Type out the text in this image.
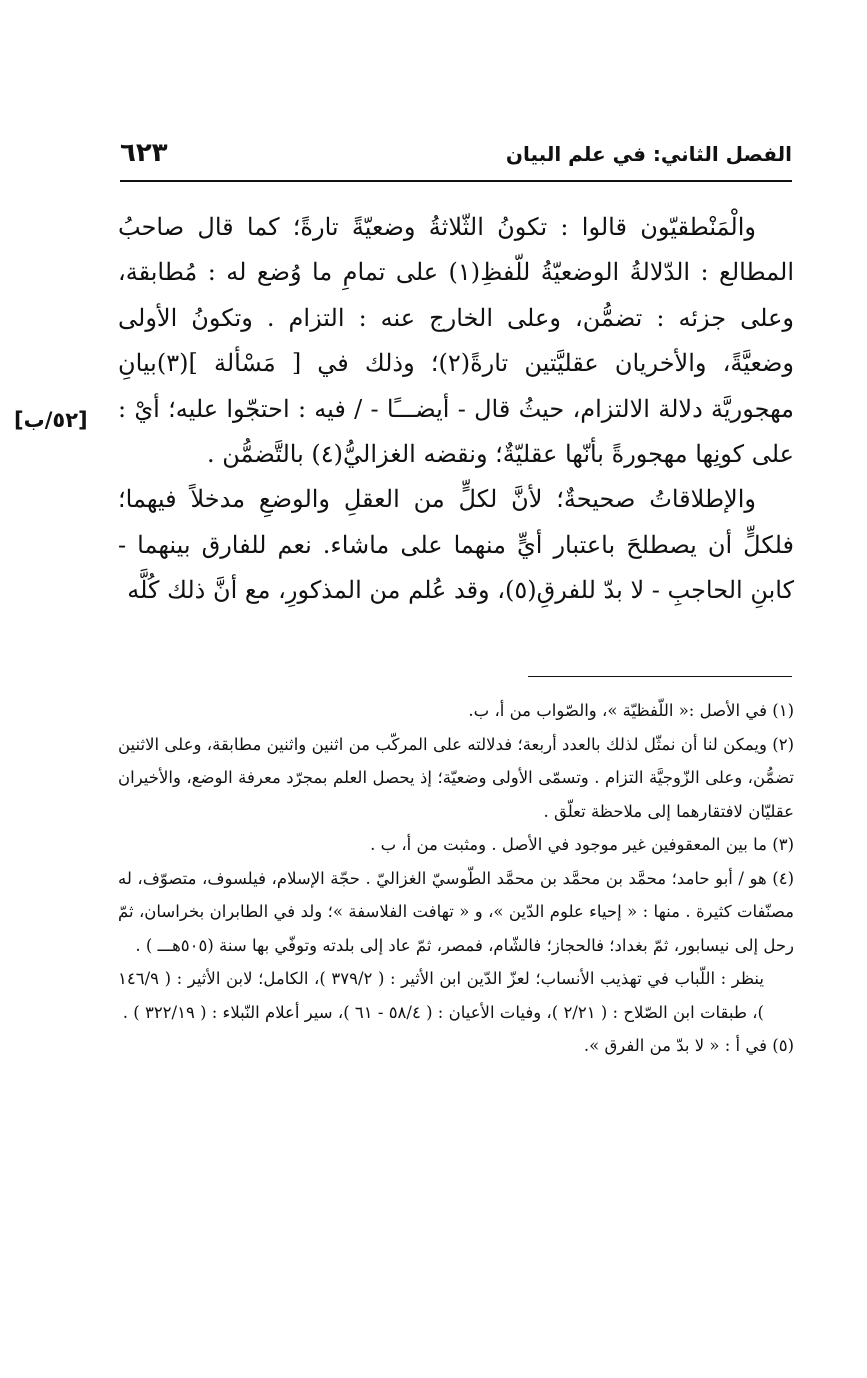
الفصل الثاني: في علم البيان
٦٢٣

والْمَنْطقيّون قالوا : تكونُ الثّلاثةُ وضعيّةً تارةً؛ كما قال صاحبُ المطالع : الدّلالةُ الوضعيّةُ للّفظِ(١) على تمامِ ما وُضع له : مُطابقة، وعلى جزئه : تضمُّن، وعلى الخارج عنه : التزام . وتكونُ الأولى وضعيَّةً، والأخريان عقليَّتين تارةً(٢)؛ وذلك في [ مَسْألة ](٣)بيانِ مهجوريَّة دلالة الالتزام، حيثُ قال - أيضـــًا - / فيه : احتجّوا عليه؛ أيْ : على كونِها مهجورةً بأنّها عقليّةٌ؛ ونقضه الغزاليُّ(٤) بالتَّضمُّن .

والإطلاقاتُ صحيحةٌ؛ لأنَّ لكلٍّ من العقلِ والوضعِ مدخلاً فيهما؛ فلكلٍّ أن يصطلحَ باعتبار أيٍّ منهما على ماشاء. نعم للفارق بينهما - كابنِ الحاجبِ - لا بدّ للفرقِ(٥)، وقد عُلم من المذكورِ، مع أنَّ ذلك كُلَّه

[٥٢/ب]

(١) في الأصل :« اللّفظيّة »، والصّواب من أ، ب.

(٢) ويمكن لنا أن نمثّل لذلك بالعدد أربعة؛ فدلالته على المركّب من اثنين واثنين مطابقة، وعلى الاثنين تضمُّن، وعلى الزّوجيَّة التزام . وتسمّى الأولى وضعيّة؛ إذ يحصل العلم بمجرّد معرفة الوضع، والأخيران عقليّان لافتقارهما إلى ملاحظة تعلّق .

(٣) ما بين المعقوفين غير موجود في الأصل . ومثبت من أ، ب .

(٤) هو / أبو حامد؛ محمَّد بن محمَّد بن محمَّد الطّوسيّ الغزاليّ . حجّة الإسلام، فيلسوف، متصوّف، له مصنّفات كثيرة . منها : « إحياء علوم الدّين »، و « تهافت الفلاسفة »؛ ولد في الطابران بخراسان، ثمّ رحل إلى نيسابور، ثمّ بغداد؛ فالحجاز؛ فالشّام، فمصر، ثمّ عاد إلى بلدته وتوفّي بها سنة (٥٠٥هـــ ) .

ينظر : اللّباب في تهذيب الأنساب؛ لعزّ الدّين ابن الأثير : ( ٣٧٩/٢ )، الكامل؛ لابن الأثير : ( ١٤٦/٩ )، طبقات ابن الصّلاح : ( ٢/٢١ )، وفيات الأعيان : ( ٥٨/٤ - ٦١ )، سير أعلام النّبلاء : ( ٣٢٢/١٩ ) .

(٥) في أ : « لا بدّ من الفرق ».
